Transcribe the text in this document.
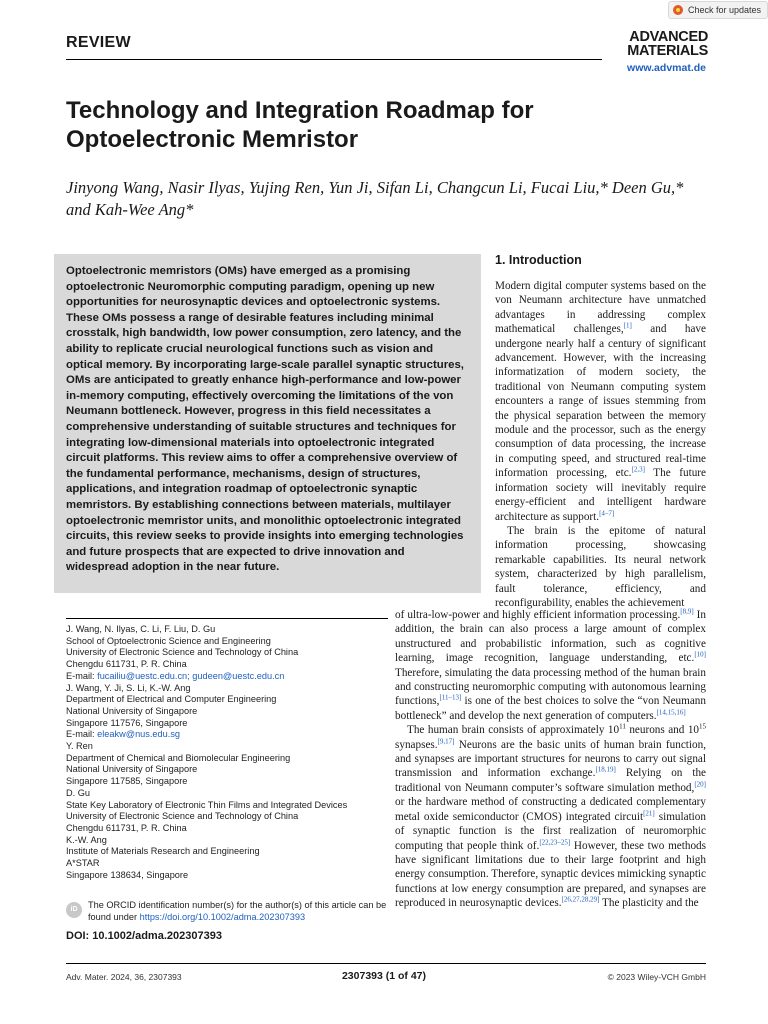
Check for updates
REVIEW	ADVANCED
MATERIALS
www.advmat.de
Technology and Integration Roadmap for Optoelectronic Memristor
Jinyong Wang, Nasir Ilyas, Yujing Ren, Yun Ji, Sifan Li, Changcun Li, Fucai Liu,* Deen Gu,* and Kah-Wee Ang*
Optoelectronic memristors (OMs) have emerged as a promising optoelectronic Neuromorphic computing paradigm, opening up new opportunities for neurosynaptic devices and optoelectronic systems. These OMs possess a range of desirable features including minimal crosstalk, high bandwidth, low power consumption, zero latency, and the ability to replicate crucial neurological functions such as vision and optical memory. By incorporating large-scale parallel synaptic structures, OMs are anticipated to greatly enhance high-performance and low-power in-memory computing, effectively overcoming the limitations of the von Neumann bottleneck. However, progress in this field necessitates a comprehensive understanding of suitable structures and techniques for integrating low-dimensional materials into optoelectronic integrated circuit platforms. This review aims to offer a comprehensive overview of the fundamental performance, mechanisms, design of structures, applications, and integration roadmap of optoelectronic synaptic memristors. By establishing connections between materials, multilayer optoelectronic memristor units, and monolithic optoelectronic integrated circuits, this review seeks to provide insights into emerging technologies and future prospects that are expected to drive innovation and widespread adoption in the near future.
1. Introduction

Modern digital computer systems based on the von Neumann architecture have unmatched advantages in addressing complex mathematical challenges,[1] and have undergone nearly half a century of significant advancement. However, with the increasing informatization of modern society, the traditional von Neumann computing system encounters a range of issues stemming from the physical separation between the memory module and the processor, such as the energy consumption of data processing, the increase in computing speed, and structured real-time information processing, etc.[2,3] The future information society will inevitably require energy-efficient and intelligent hardware architecture as support.[4–7]

The brain is the epitome of natural information processing, showcasing remarkable capabilities. Its neural network system, characterized by high parallelism, fault tolerance, efficiency, and reconfigurability, enables the achievement

of ultra-low-power and highly efficient information processing.[8,9] In addition, the brain can also process a large amount of complex unstructured and probabilistic information, such as cognitive learning, image recognition, language understanding, etc.[10] Therefore, simulating the data processing method of the human brain and constructing neuromorphic computing with autonomous learning functions,[11–13] is one of the best choices to solve the “von Neumann bottleneck” and develop the next generation of computers.[14,15,16]

The human brain consists of approximately $10^{11}$ neurons and $10^{15}$ synapses.[9,17] Neurons are the basic units of human brain function, and synapses are important structures for neurons to carry out signal transmission and information exchange.[18,19] Relying on the traditional von Neumann computer’s software simulation method,[20] or the hardware method of constructing a dedicated complementary metal oxide semiconductor (CMOS) integrated circuit[21] simulation of synaptic function is the first realization of neuromorphic computing that people think of.[22,23–25] However, these two methods have significant limitations due to their large footprint and high energy consumption. Therefore, synaptic devices mimicking synaptic functions at low energy consumption are prepared, and synapses are reproduced in neurosynaptic devices.[26,27,28,29] The plasticity and the

J. Wang, N. Ilyas, C. Li, F. Liu, D. Gu

School of Optoelectronic Science and Engineering

University of Electronic Science and Technology of China

Chengdu 611731, P. R. China

E-mail: fucailiu@uestc.edu.cn; gudeen@uestc.edu.cn

J. Wang, Y. Ji, S. Li, K.-W. Ang

Department of Electrical and Computer Engineering

National University of Singapore

Singapore 117576, Singapore

E-mail: eleakw@nus.edu.sg

Y. Ren

Department of Chemical and Biomolecular Engineering

National University of Singapore

Singapore 117585, Singapore

D. Gu

State Key Laboratory of Electronic Thin Films and Integrated Devices

University of Electronic Science and Technology of China

Chengdu 611731, P. R. China

K.-W. Ang

Institute of Materials Research and Engineering

A*STAR

Singapore 138634, Singapore

iD	The ORCID identification number(s) for the author(s) of this article can be found under https://doi.org/10.1002/adma.202307393
DOI: 10.1002/adma.202307393
Adv. Mater. 2024, 36, 2307393	2307393 (1 of 47)	© 2023 Wiley-VCH GmbH
